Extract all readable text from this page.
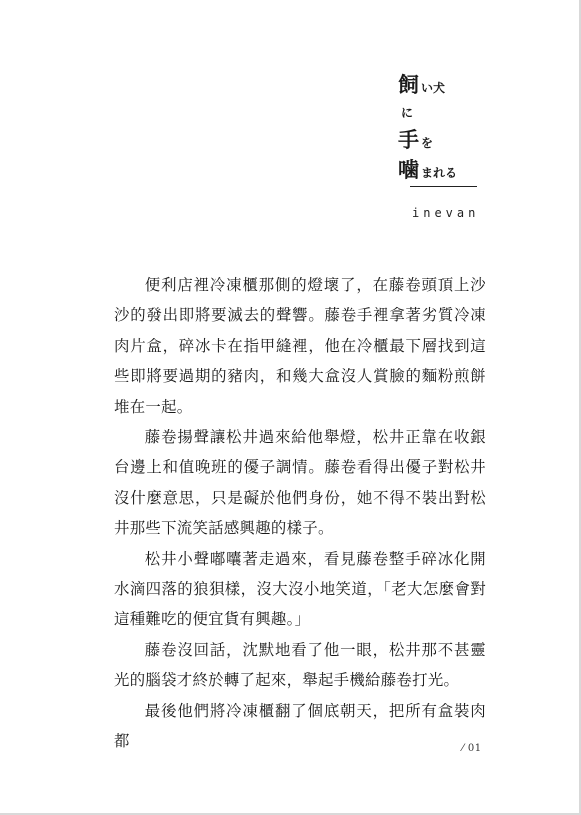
飼い犬
に
手を
噛まれる
inevan

便利店裡冷凍櫃那側的燈壞了，在藤卷頭頂上沙沙的發出即將要滅去的聲響。藤卷手裡拿著劣質冷凍肉片盒，碎冰卡在指甲縫裡，他在冷櫃最下層找到這些即將要過期的豬肉，和幾大盒沒人賞臉的麵粉煎餅堆在一起。

藤卷揚聲讓松井過來給他舉燈，松井正靠在收銀台邊上和值晚班的優子調情。藤卷看得出優子對松井沒什麼意思，只是礙於他們身份，她不得不裝出對松井那些下流笑話感興趣的樣子。

松井小聲嘟囔著走過來，看見藤卷整手碎冰化開水滴四落的狼狽樣，沒大沒小地笑道，「老大怎麼會對這種難吃的便宜貨有興趣。」

藤卷沒回話，沈默地看了他一眼，松井那不甚靈光的腦袋才終於轉了起來，舉起手機給藤卷打光。

最後他們將冷凍櫃翻了個底朝天，把所有盒裝肉都	⁄ 01
